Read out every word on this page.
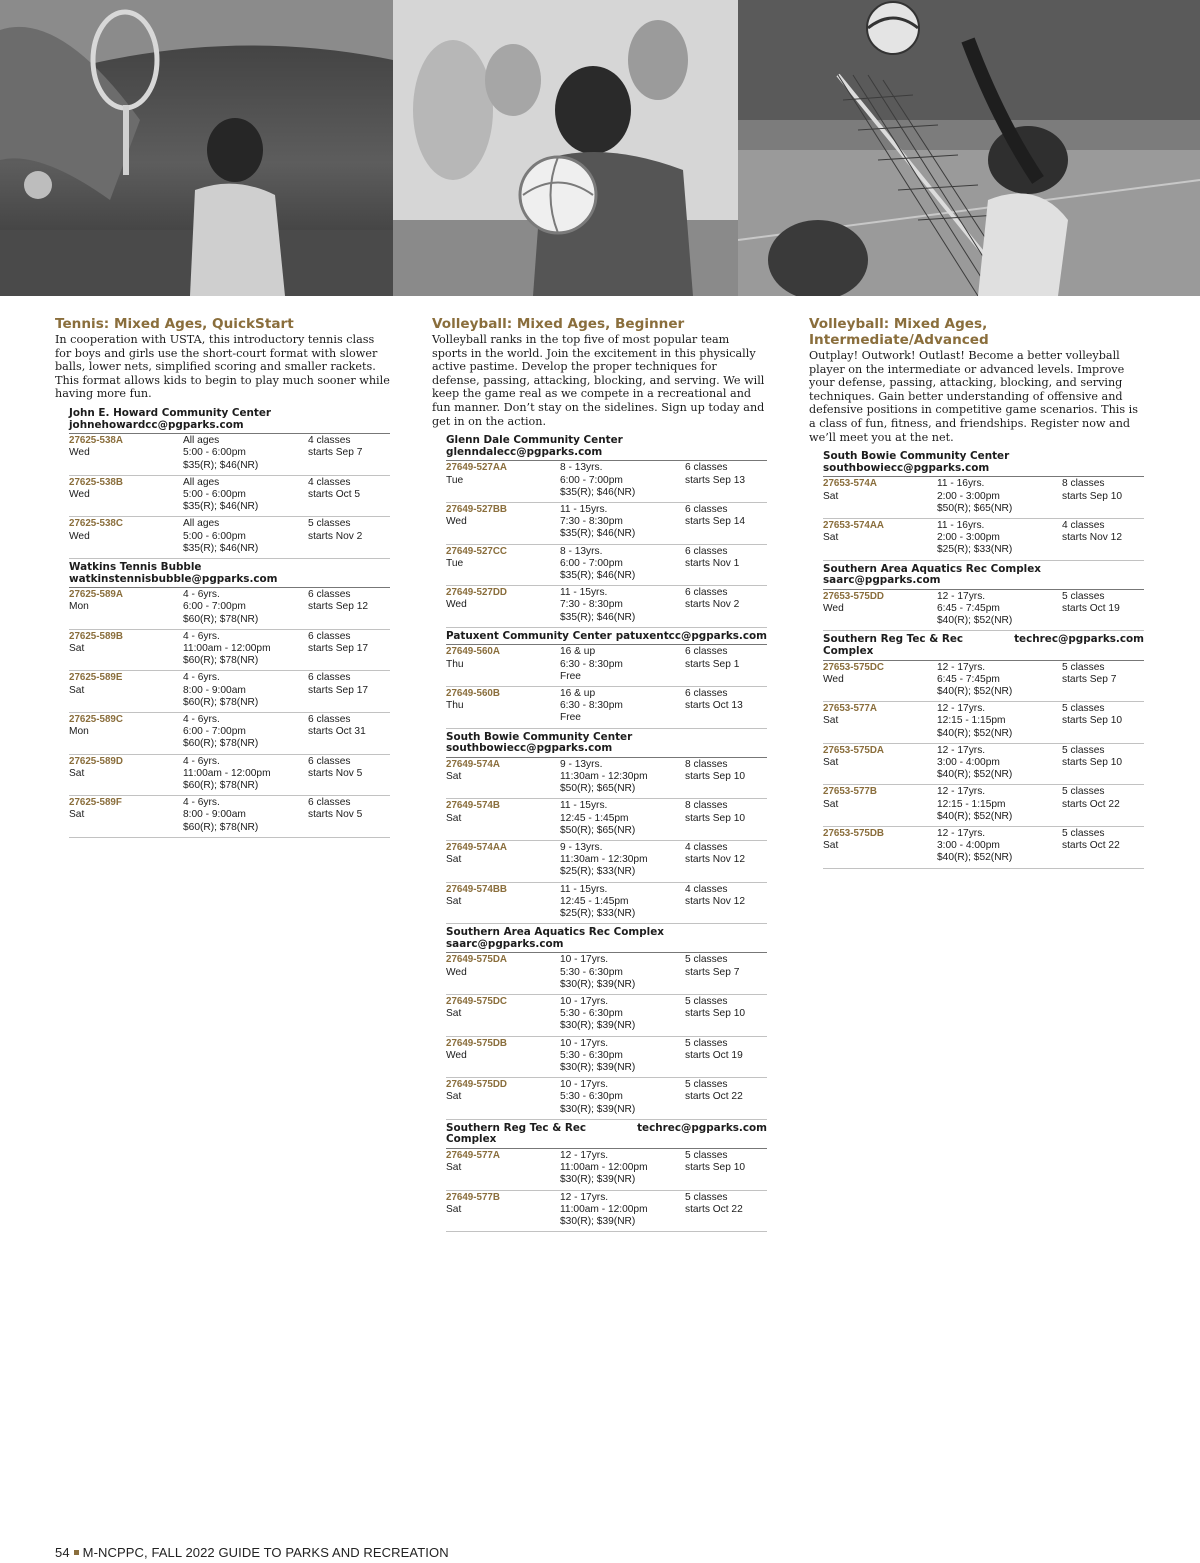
Tennis: Mixed Ages, QuickStart

In cooperation with USTA, this introductory tennis class for boys and girls use the short-court format with slower balls, lower nets, simplified scoring and smaller rackets. This format allows kids to begin to play much sooner while having more fun.

John E. Howard Community Center
johnehowardcc@pgparks.com
27625-538A
Wed
All ages
5:00 - 6:00pm
$35(R); $46(NR)
4 classes
starts Sep 7
27625-538B
Wed
All ages
5:00 - 6:00pm
$35(R); $46(NR)
4 classes
starts Oct 5
27625-538C
Wed
All ages
5:00 - 6:00pm
$35(R); $46(NR)
5 classes
starts Nov 2
Watkins Tennis Bubble
watkinstennisbubble@pgparks.com
27625-589A
Mon
4 - 6yrs.
6:00 - 7:00pm
$60(R); $78(NR)
6 classes
starts Sep 12
27625-589B
Sat
4 - 6yrs.
11:00am - 12:00pm
$60(R); $78(NR)
6 classes
starts Sep 17
27625-589E
Sat
4 - 6yrs.
8:00 - 9:00am
$60(R); $78(NR)
6 classes
starts Sep 17
27625-589C
Mon
4 - 6yrs.
6:00 - 7:00pm
$60(R); $78(NR)
6 classes
starts Oct 31
27625-589D
Sat
4 - 6yrs.
11:00am - 12:00pm
$60(R); $78(NR)
6 classes
starts Nov 5
27625-589F
Sat
4 - 6yrs.
8:00 - 9:00am
$60(R); $78(NR)
6 classes
starts Nov 5
Volleyball: Mixed Ages, Beginner

Volleyball ranks in the top five of most popular team sports in the world. Join the excitement in this physically active pastime. Develop the proper techniques for defense, passing, attacking, blocking, and serving. We will keep the game real as we compete in a recreational and fun manner. Don’t stay on the sidelines. Sign up today and get in on the action.

Glenn Dale Community Center
glenndalecc@pgparks.com
27649-527AA
Tue
8 - 13yrs.
6:00 - 7:00pm
$35(R); $46(NR)
6 classes
starts Sep 13
27649-527BB
Wed
11 - 15yrs.
7:30 - 8:30pm
$35(R); $46(NR)
6 classes
starts Sep 14
27649-527CC
Tue
8 - 13yrs.
6:00 - 7:00pm
$35(R); $46(NR)
6 classes
starts Nov 1
27649-527DD
Wed
11 - 15yrs.
7:30 - 8:30pm
$35(R); $46(NR)
6 classes
starts Nov 2
Patuxent Community Center patuxentcc@pgparks.com
27649-560A
Thu
16 & up
6:30 - 8:30pm
Free
6 classes
starts Sep 1
27649-560B
Thu
16 & up
6:30 - 8:30pm
Free
6 classes
starts Oct 13
South Bowie Community Center
southbowiecc@pgparks.com
27649-574A
Sat
9 - 13yrs.
11:30am - 12:30pm
$50(R); $65(NR)
8 classes
starts Sep 10
27649-574B
Sat
11 - 15yrs.
12:45 - 1:45pm
$50(R); $65(NR)
8 classes
starts Sep 10
27649-574AA
Sat
9 - 13yrs.
11:30am - 12:30pm
$25(R); $33(NR)
4 classes
starts Nov 12
27649-574BB
Sat
11 - 15yrs.
12:45 - 1:45pm
$25(R); $33(NR)
4 classes
starts Nov 12
Southern Area Aquatics Rec Complex
saarc@pgparks.com
27649-575DA
Wed
10 - 17yrs.
5:30 - 6:30pm
$30(R); $39(NR)
5 classes
starts Sep 7
27649-575DC
Sat
10 - 17yrs.
5:30 - 6:30pm
$30(R); $39(NR)
5 classes
starts Sep 10
27649-575DB
Wed
10 - 17yrs.
5:30 - 6:30pm
$30(R); $39(NR)
5 classes
starts Oct 19
27649-575DD
Sat
10 - 17yrs.
5:30 - 6:30pm
$30(R); $39(NR)
5 classes
starts Oct 22
Southern Reg Tec & Rec Complex
techrec@pgparks.com
27649-577A
Sat
12 - 17yrs.
11:00am - 12:00pm
$30(R); $39(NR)
5 classes
starts Sep 10
27649-577B
Sat
12 - 17yrs.
11:00am - 12:00pm
$30(R); $39(NR)
5 classes
starts Oct 22
Volleyball: Mixed Ages, Intermediate/Advanced

Outplay! Outwork! Outlast! Become a better volleyball player on the intermediate or advanced levels. Improve your defense, passing, attacking, blocking, and serving techniques. Gain better understanding of offensive and defensive positions in competitive game scenarios. This is a class of fun, fitness, and friendships. Register now and we’ll meet you at the net.

South Bowie Community Center
southbowiecc@pgparks.com
27653-574A
Sat
11 - 16yrs.
2:00 - 3:00pm
$50(R); $65(NR)
8 classes
starts Sep 10
27653-574AA
Sat
11 - 16yrs.
2:00 - 3:00pm
$25(R); $33(NR)
4 classes
starts Nov 12
Southern Area Aquatics Rec Complex
saarc@pgparks.com
27653-575DD
Wed
12 - 17yrs.
6:45 - 7:45pm
$40(R); $52(NR)
5 classes
starts Oct 19
Southern Reg Tec & Rec Complex
techrec@pgparks.com
27653-575DC
Wed
12 - 17yrs.
6:45 - 7:45pm
$40(R); $52(NR)
5 classes
starts Sep 7
27653-577A
Sat
12 - 17yrs.
12:15 - 1:15pm
$40(R); $52(NR)
5 classes
starts Sep 10
27653-575DA
Sat
12 - 17yrs.
3:00 - 4:00pm
$40(R); $52(NR)
5 classes
starts Sep 10
27653-577B
Sat
12 - 17yrs.
12:15 - 1:15pm
$40(R); $52(NR)
5 classes
starts Oct 22
27653-575DB
Sat
12 - 17yrs.
3:00 - 4:00pm
$40(R); $52(NR)
5 classes
starts Oct 22
54 M-NCPPC, FALL 2022 GUIDE TO PARKS AND RECREATION
